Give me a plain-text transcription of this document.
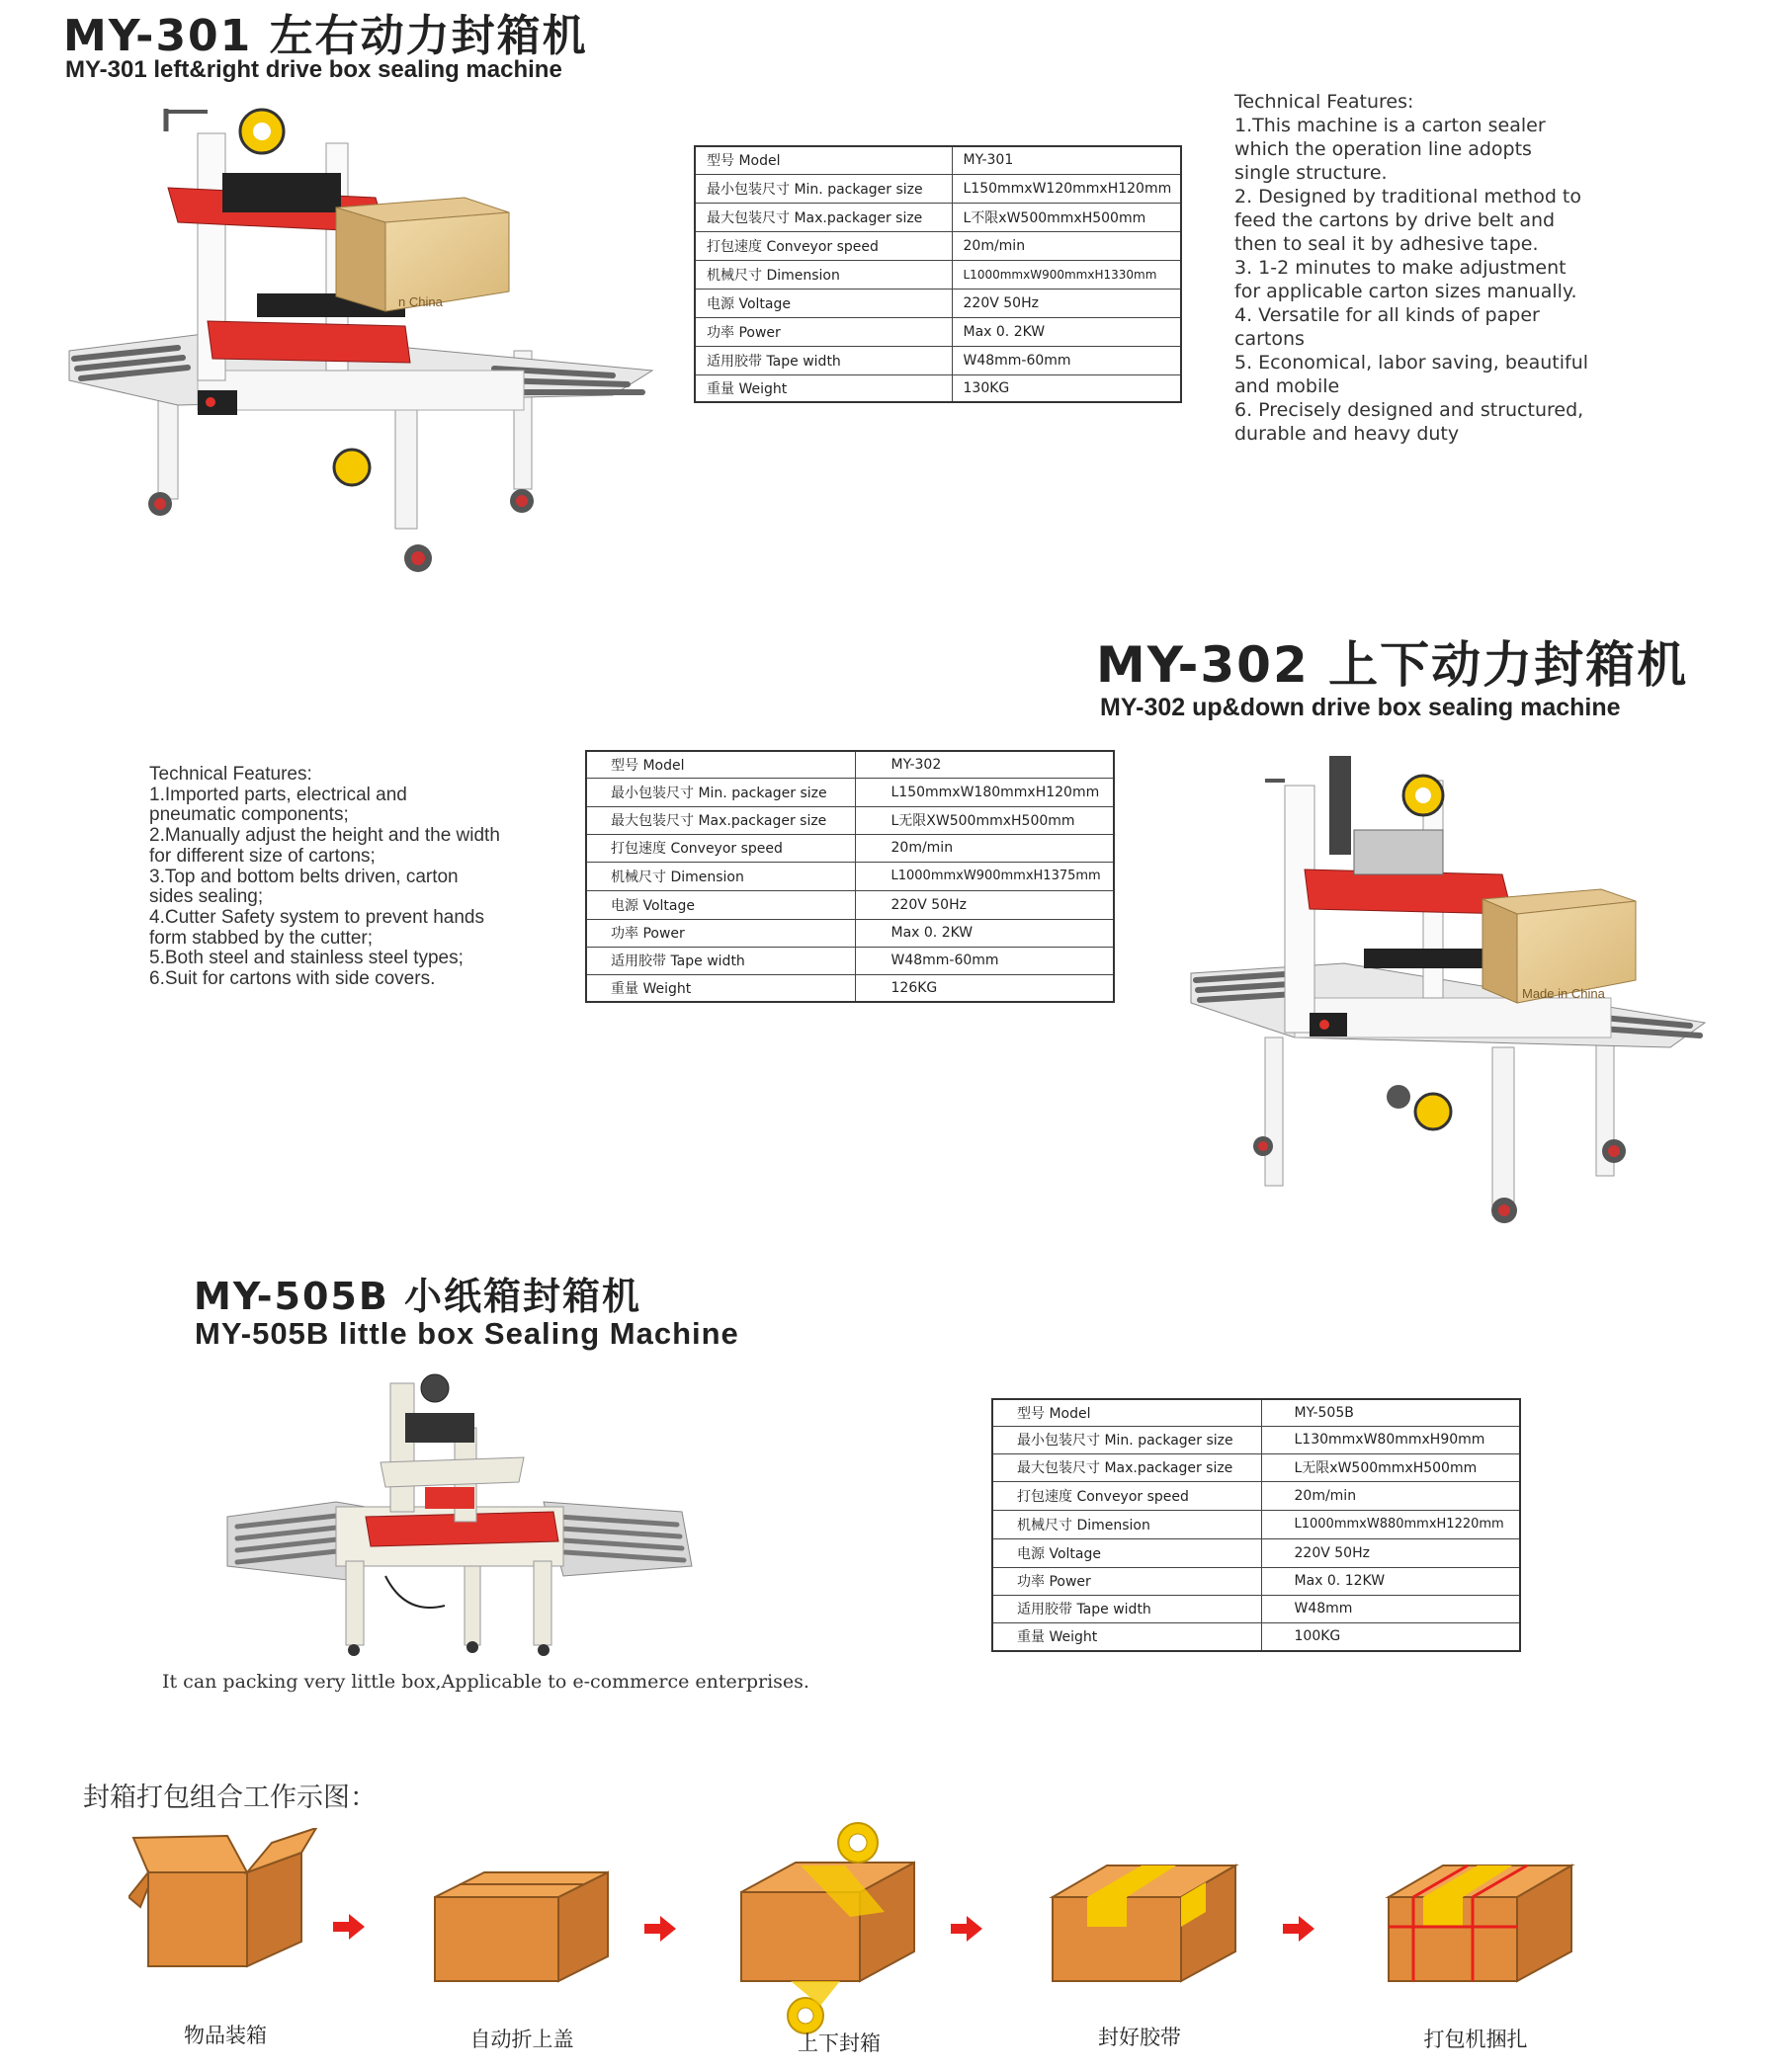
MY-301 左右动力封箱机
MY-301 left&right drive box sealing machine
n China
型号 Model	MY-301
最小包装尺寸 Min. packager size	L150mmxW120mmxH120mm
最大包装尺寸 Max.packager size	L不限xW500mmxH500mm
打包速度 Conveyor speed	20m/min
机械尺寸 Dimension	L1000mmxW900mmxH1330mm
电源 Voltage	220V 50Hz
功率 Power	Max 0. 2KW
适用胶带 Tape width	W48mm-60mm
重量 Weight	130KG
Technical Features:
1.This machine is a carton sealer
which the operation line adopts
single structure.
2. Designed by traditional method to
feed the cartons by drive belt and
then to seal it by adhesive tape.
3. 1-2 minutes to make adjustment
for applicable carton sizes manually.
4. Versatile for all kinds of paper
cartons
5. Economical, labor saving, beautiful
and mobile
6. Precisely designed and structured,
durable and heavy duty
MY-302 上下动力封箱机
MY-302 up&down drive box sealing machine
Technical Features:
1.Imported parts, electrical and
pneumatic components;
2.Manually adjust the height and the width
for different size of cartons;
3.Top and bottom belts driven, carton
sides sealing;
4.Cutter Safety system to prevent hands
form stabbed by the cutter;
5.Both steel and stainless steel types;
6.Suit for cartons with side covers.
型号 Model	MY-302
最小包装尺寸 Min. packager size	L150mmxW180mmxH120mm
最大包装尺寸 Max.packager size	L无限XW500mmxH500mm
打包速度 Conveyor speed	20m/min
机械尺寸 Dimension	L1000mmxW900mmxH1375mm
电源 Voltage	220V 50Hz
功率 Power	Max 0. 2KW
适用胶带 Tape width	W48mm-60mm
重量 Weight	126KG	Made in China
MY-505B 小纸箱封箱机
MY-505B little box Sealing Machine
It can packing very little box,Applicable to e-commerce enterprises.
型号 Model	MY-505B
最小包装尺寸 Min. packager size	L130mmxW80mmxH90mm
最大包装尺寸 Max.packager size	L无限xW500mmxH500mm
打包速度 Conveyor speed	20m/min
机械尺寸 Dimension	L1000mmxW880mmxH1220mm
电源 Voltage	220V 50Hz
功率 Power	Max 0. 12KW
适用胶带 Tape width	W48mm
重量 Weight	100KG
封箱打包组合工作示图：
物品装箱	自动折上盖	上下封箱	封好胶带	打包机捆扎
